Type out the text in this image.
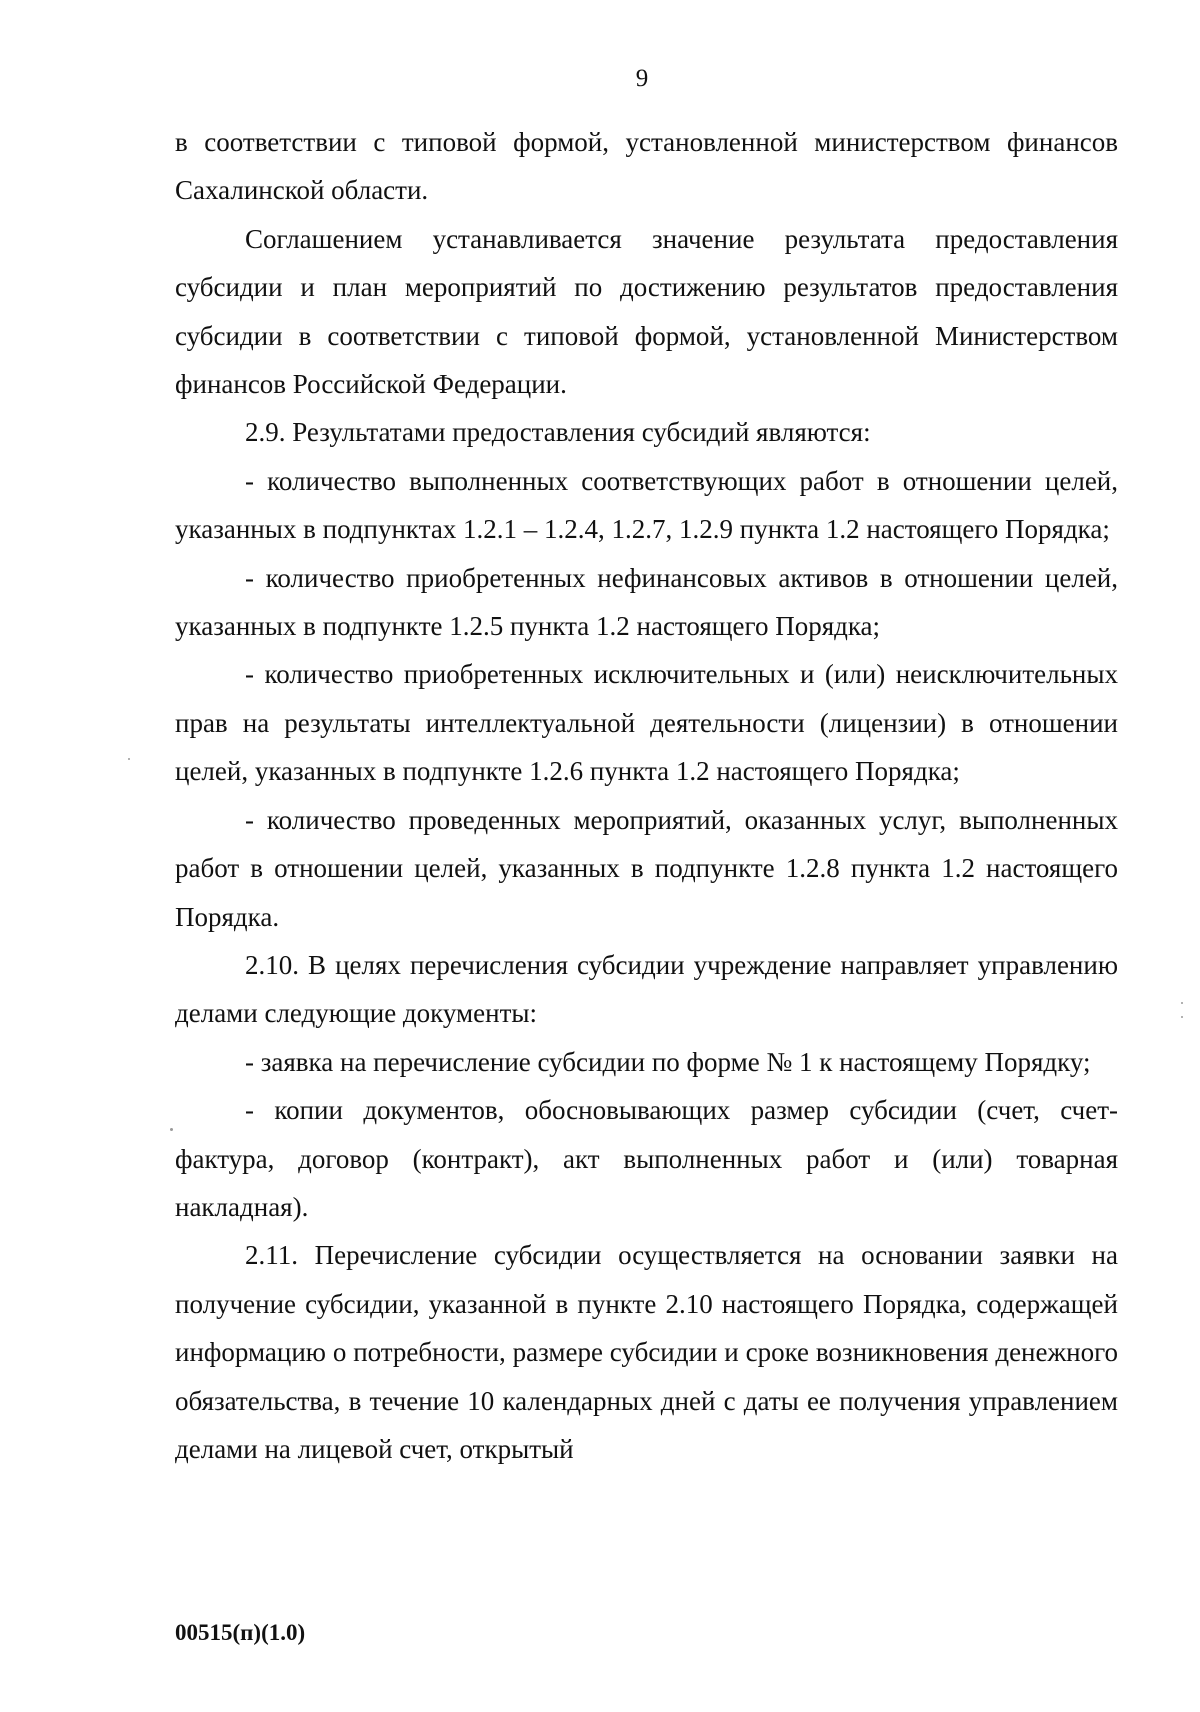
9

в соответствии с типовой формой, установленной министерством финансов Сахалинской области.

Соглашением устанавливается значение результата предоставления субсидии и план мероприятий по достижению результатов предоставления субсидии в соответствии с типовой формой, установленной Министерством финансов Российской Федерации.

2.9. Результатами предоставления субсидий являются:

- количество выполненных соответствующих работ в отношении целей, указанных в подпунктах 1.2.1 – 1.2.4, 1.2.7, 1.2.9 пункта 1.2 настоящего Порядка;

- количество приобретенных нефинансовых активов в отношении целей, указанных в подпункте 1.2.5 пункта 1.2 настоящего Порядка;

- количество приобретенных исключительных и (или) неисключительных прав на результаты интеллектуальной деятельности (лицензии) в отношении целей, указанных в подпункте 1.2.6 пункта 1.2 настоящего Порядка;

- количество проведенных мероприятий, оказанных услуг, выполненных работ в отношении целей, указанных в подпункте 1.2.8 пункта 1.2 настоящего Порядка.

2.10. В целях перечисления субсидии учреждение направляет управлению делами следующие документы:

- заявка на перечисление субсидии по форме № 1 к настоящему Порядку;

- копии документов, обосновывающих размер субсидии (счет, счет-фактура, договор (контракт), акт выполненных работ и (или) товарная накладная).

2.11. Перечисление субсидии осуществляется на основании заявки на получение субсидии, указанной в пункте 2.10 настоящего Порядка, содержащей информацию о потребности, размере субсидии и сроке возникновения денежного обязательства, в течение 10 календарных дней с даты ее получения управлением делами на лицевой счет, открытый

00515(п)(1.0)
